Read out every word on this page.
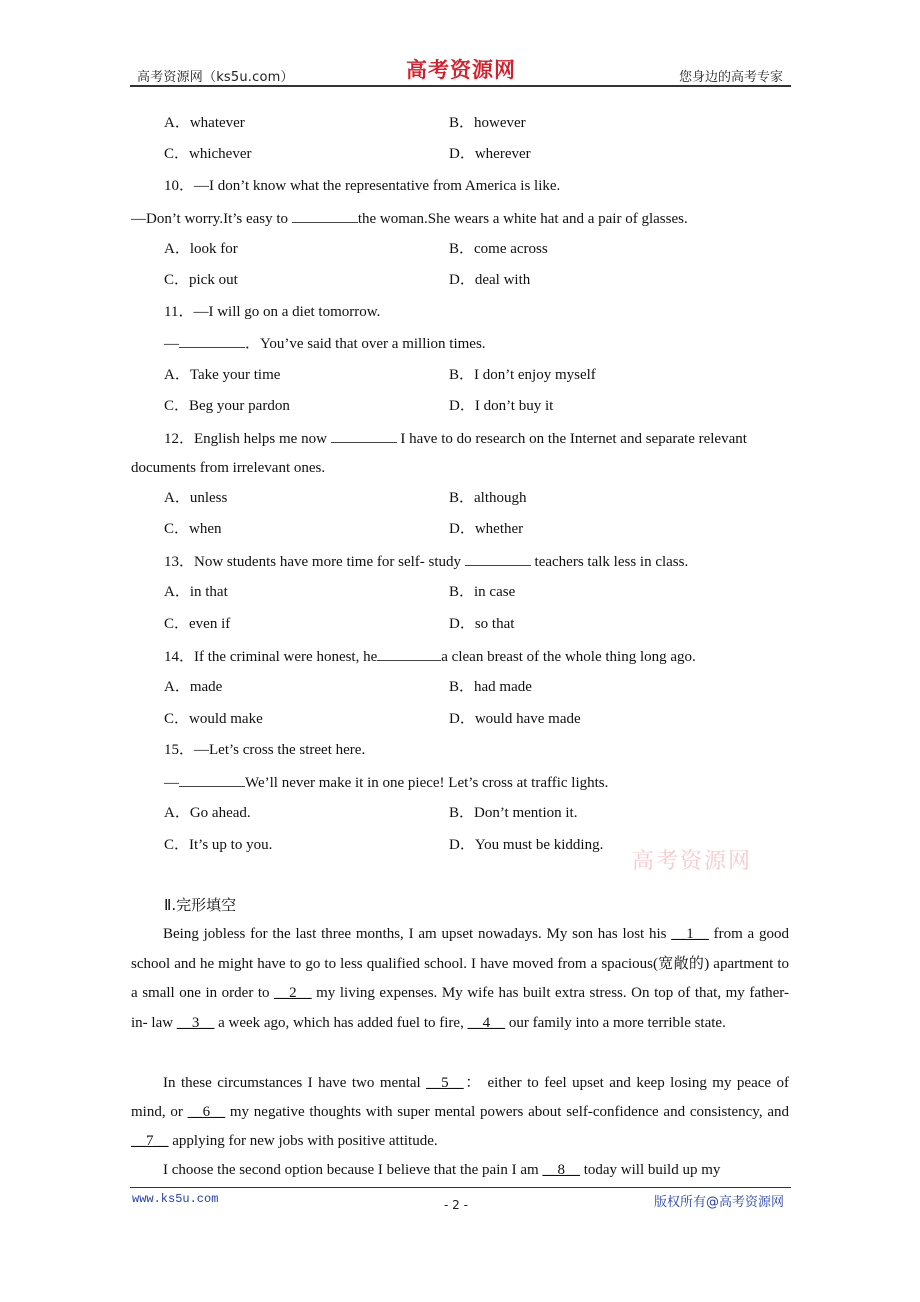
高考资源网（ks5u.com）	高考资源网	您身边的高考专家
A．whatever	B．however
C．whichever	D．wherever
10．—I don’t know what the representative from America is like.
—Don’t worry.It’s easy to	the woman.She wears a white hat and a pair of glasses.
A．look for	B．come across
C．pick out	D．deal with
11．—I will go on a diet tomorrow.
—	．You’ve said that over a million times.
A．Take your time	B．I don’t enjoy myself
C．Beg your pardon	D．I don’t buy it
12．English helps me now	I have to do research on the Internet and separate relevant
documents from irrelevant ones.
A．unless	B．although
C．when	D．whether
13．Now students have more time for self- study	teachers talk less in class.
A．in that	B．in case
C．even if	D．so that
14．If the criminal were honest, he	a clean breast of the whole thing long ago.
A．made	B．had made
C．would make	D．would have made
15．—Let’s cross the street here.
—	We’ll never make it in one piece! Let’s cross at traffic lights.
A．Go ahead.	B．Don’t mention it.
C．It’s up to you.	D．You must be kidding.
高考资源网
Ⅱ.完形填空
Being jobless for the last three months, I am upset nowadays. My son has lost his __1__ from a good school and he might have to go to less qualified school. I have moved from a spacious(宽敞的) apartment to a small one in order to __2__ my living expenses. My wife has built extra stress. On top of that, my father- in- law __3__ a week ago, which has added fuel to fire, __4__ our family into a more terrible state.
In these circumstances I have two mental __5__： either to feel upset and keep losing my peace of mind, or __6__ my negative thoughts with super mental powers about self-confidence and consistency, and __7__ applying for new jobs with positive attitude.
I choose the second option because I believe that the pain I am __8__ today will build up my
www.ks5u.com	- 2 -	版权所有@高考资源网
